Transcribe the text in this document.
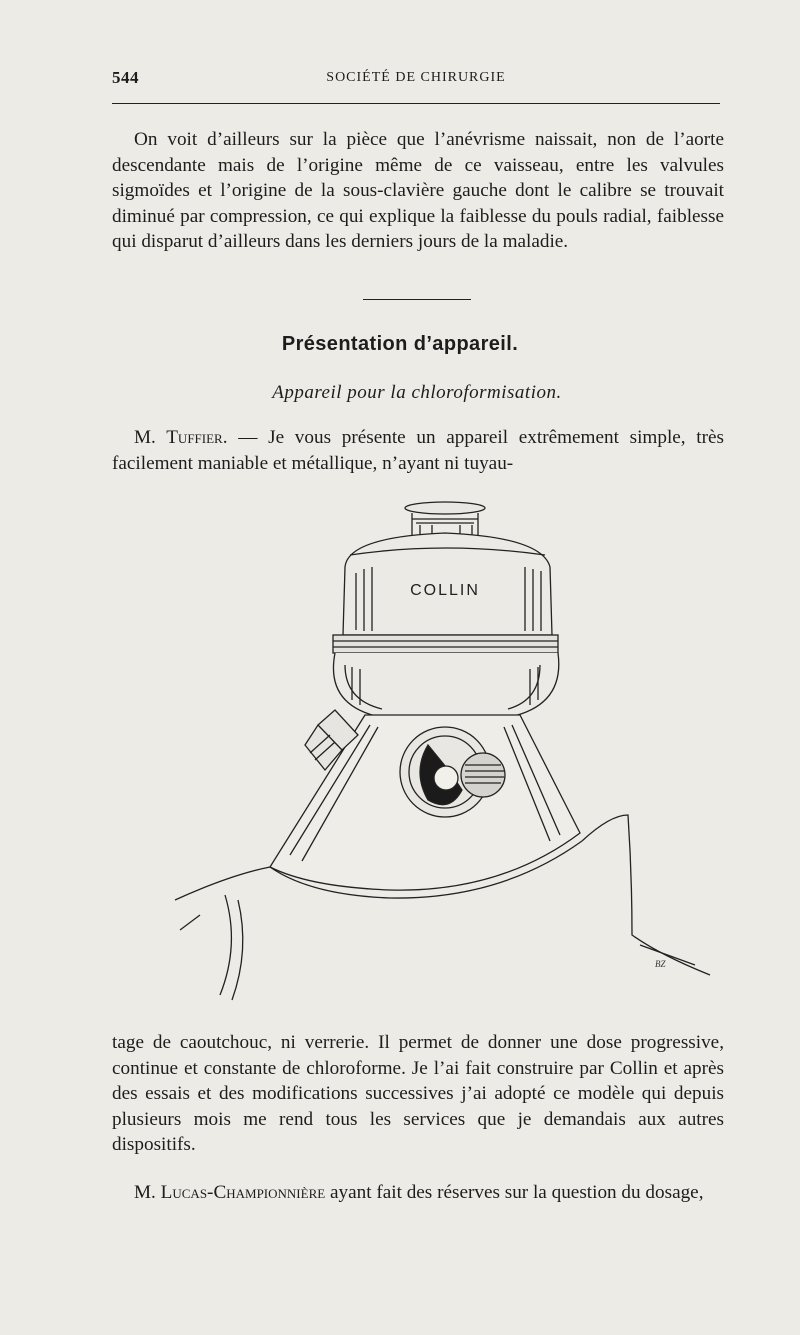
544	SOCIÉTÉ DE CHIRURGIE
On voit d’ailleurs sur la pièce que l’anévrisme naissait, non de l’aorte descendante mais de l’origine même de ce vaisseau, entre les valvules sigmoïdes et l’origine de la sous-clavière gauche dont le calibre se trouvait diminué par compression, ce qui explique la faiblesse du pouls radial, faiblesse qui disparut d’ailleurs dans les derniers jours de la maladie.
Présentation d’appareil.
Appareil pour la chloroformisation.
M. Tuffier. — Je vous présente un appareil extrêmement simple, très facilement maniable et métallique, n’ayant ni tuyau-
COLLIN
BZ
tage de caoutchouc, ni verrerie. Il permet de donner une dose progressive, continue et constante de chloroforme. Je l’ai fait construire par Collin et après des essais et des modifications successives j’ai adopté ce modèle qui depuis plusieurs mois me rend tous les services que je demandais aux autres dispositifs.
M. Lucas-Championnière ayant fait des réserves sur la question du dosage,
